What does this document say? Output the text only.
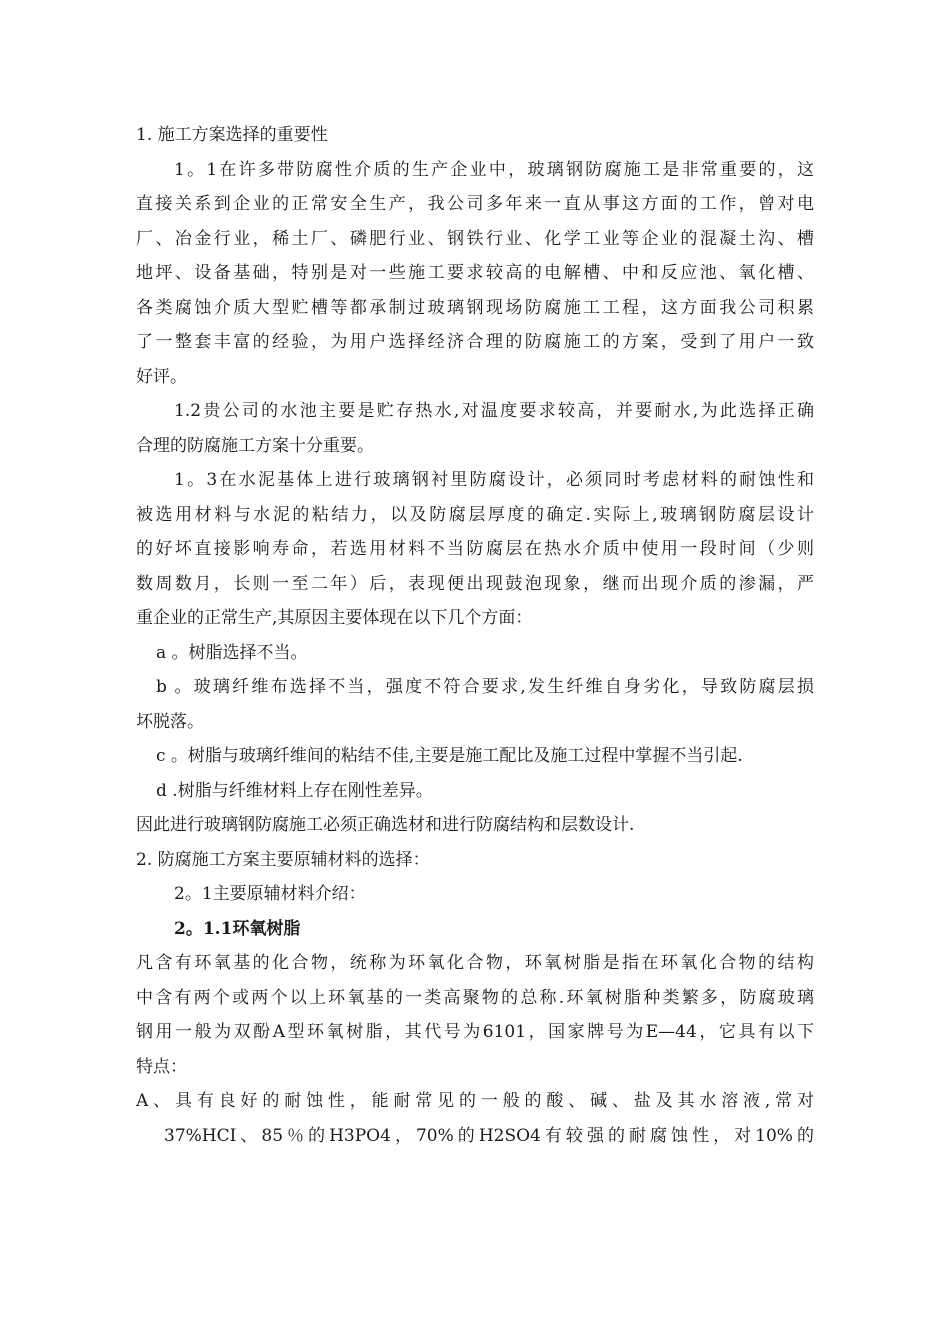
1. 施工方案选择的重要性
1。1在许多带防腐性介质的生产企业中，玻璃钢防腐施工是非常重要的，这
直接关系到企业的正常安全生产，我公司多年来一直从事这方面的工作，曾对电
厂、冶金行业，稀土厂、磷肥行业、钢铁行业、化学工业等企业的混凝土沟、槽
地坪、设备基础，特别是对一些施工要求较高的电解槽、中和反应池、氧化槽、
各类腐蚀介质大型贮槽等都承制过玻璃钢现场防腐施工工程，这方面我公司积累
了一整套丰富的经验，为用户选择经济合理的防腐施工的方案，受到了用户一致
好评。
1.2贵公司的水池主要是贮存热水,对温度要求较高，并要耐水,为此选择正确
合理的防腐施工方案十分重要。
1。3在水泥基体上进行玻璃钢衬里防腐设计，必须同时考虑材料的耐蚀性和
被选用材料与水泥的粘结力，以及防腐层厚度的确定.实际上,玻璃钢防腐层设计
的好坏直接影响寿命，若选用材料不当防腐层在热水介质中使用一段时间（少则
数周数月，长则一至二年）后，表现便出现鼓泡现象，继而出现介质的渗漏，严
重企业的正常生产,其原因主要体现在以下几个方面：
a 。树脂选择不当。
b 。玻璃纤维布选择不当，强度不符合要求,发生纤维自身劣化，导致防腐层损
坏脱落。
c 。树脂与玻璃纤维间的粘结不佳,主要是施工配比及施工过程中掌握不当引起.
d .树脂与纤维材料上存在刚性差异。
因此进行玻璃钢防腐施工必须正确选材和进行防腐结构和层数设计.
2. 防腐施工方案主要原辅材料的选择：
2。1主要原辅材料介绍：
2。1.1环氧树脂
凡含有环氧基的化合物，统称为环氧化合物，环氧树脂是指在环氧化合物的结构
中含有两个或两个以上环氧基的一类高聚物的总称.环氧树脂种类繁多，防腐玻璃
钢用一般为双酚A型环氧树脂，其代号为6101，国家牌号为E—44，它具有以下
特点：
A、具有良好的耐蚀性，能耐常见的一般的酸、碱、盐及其水溶液,常对
37%HCI、85％的H3PO4，70%的H2SO4有较强的耐腐蚀性，对10%的
